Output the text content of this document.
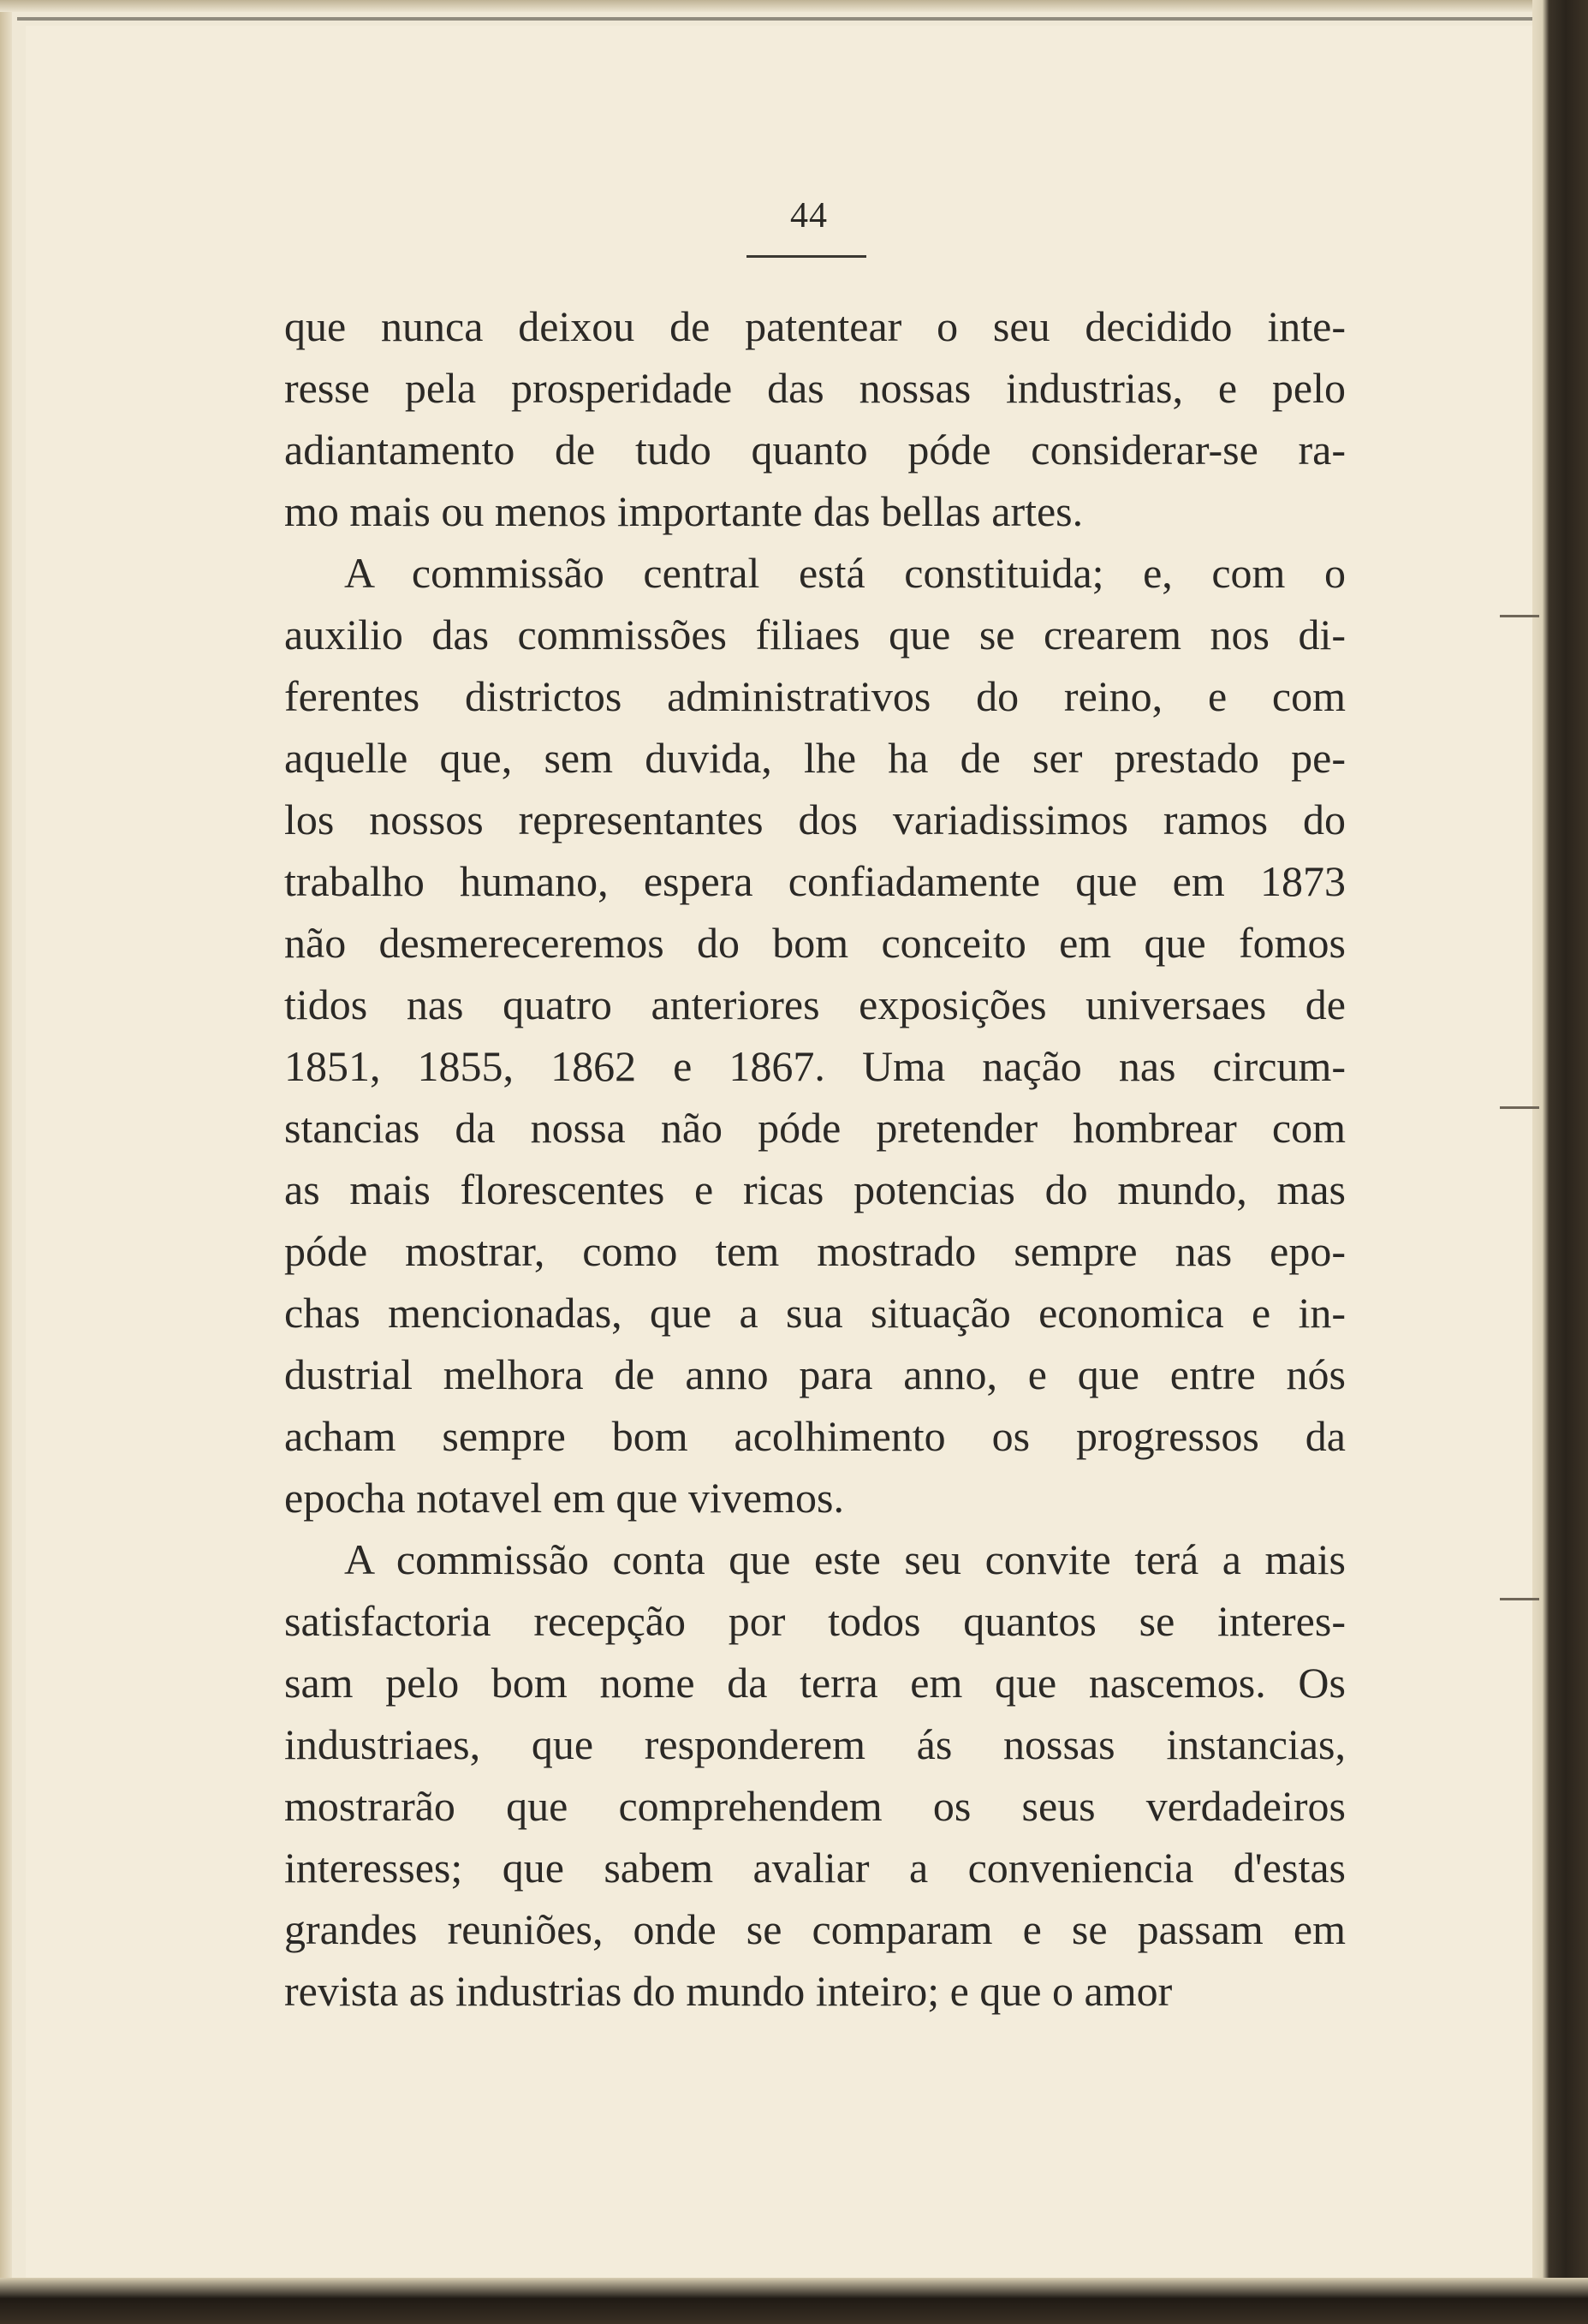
44
que nunca deixou de patentear o seu decidido inte-
resse pela prosperidade das nossas industrias, e pelo
adiantamento de tudo quanto póde considerar-se ra-
mo mais ou menos importante das bellas artes.
A commissão central está constituida; e, com o
auxilio das commissões filiaes que se crearem nos di-
ferentes districtos administrativos do reino, e com
aquelle que, sem duvida, lhe ha de ser prestado pe-
los nossos representantes dos variadissimos ramos do
trabalho humano, espera confiadamente que em 1873
não desmereceremos do bom conceito em que fomos
tidos nas quatro anteriores exposições universaes de
1851, 1855, 1862 e 1867. Uma nação nas circum-
stancias da nossa não póde pretender hombrear com
as mais florescentes e ricas potencias do mundo, mas
póde mostrar, como tem mostrado sempre nas epo-
chas mencionadas, que a sua situação economica e in-
dustrial melhora de anno para anno, e que entre nós
acham sempre bom acolhimento os progressos da
epocha notavel em que vivemos.
A commissão conta que este seu convite terá a mais
satisfactoria recepção por todos quantos se interes-
sam pelo bom nome da terra em que nascemos. Os
industriaes, que responderem ás nossas instancias,
mostrarão que comprehendem os seus verdadeiros
interesses; que sabem avaliar a conveniencia d'estas
grandes reuniões, onde se comparam e se passam em
revista as industrias do mundo inteiro; e que o amor
